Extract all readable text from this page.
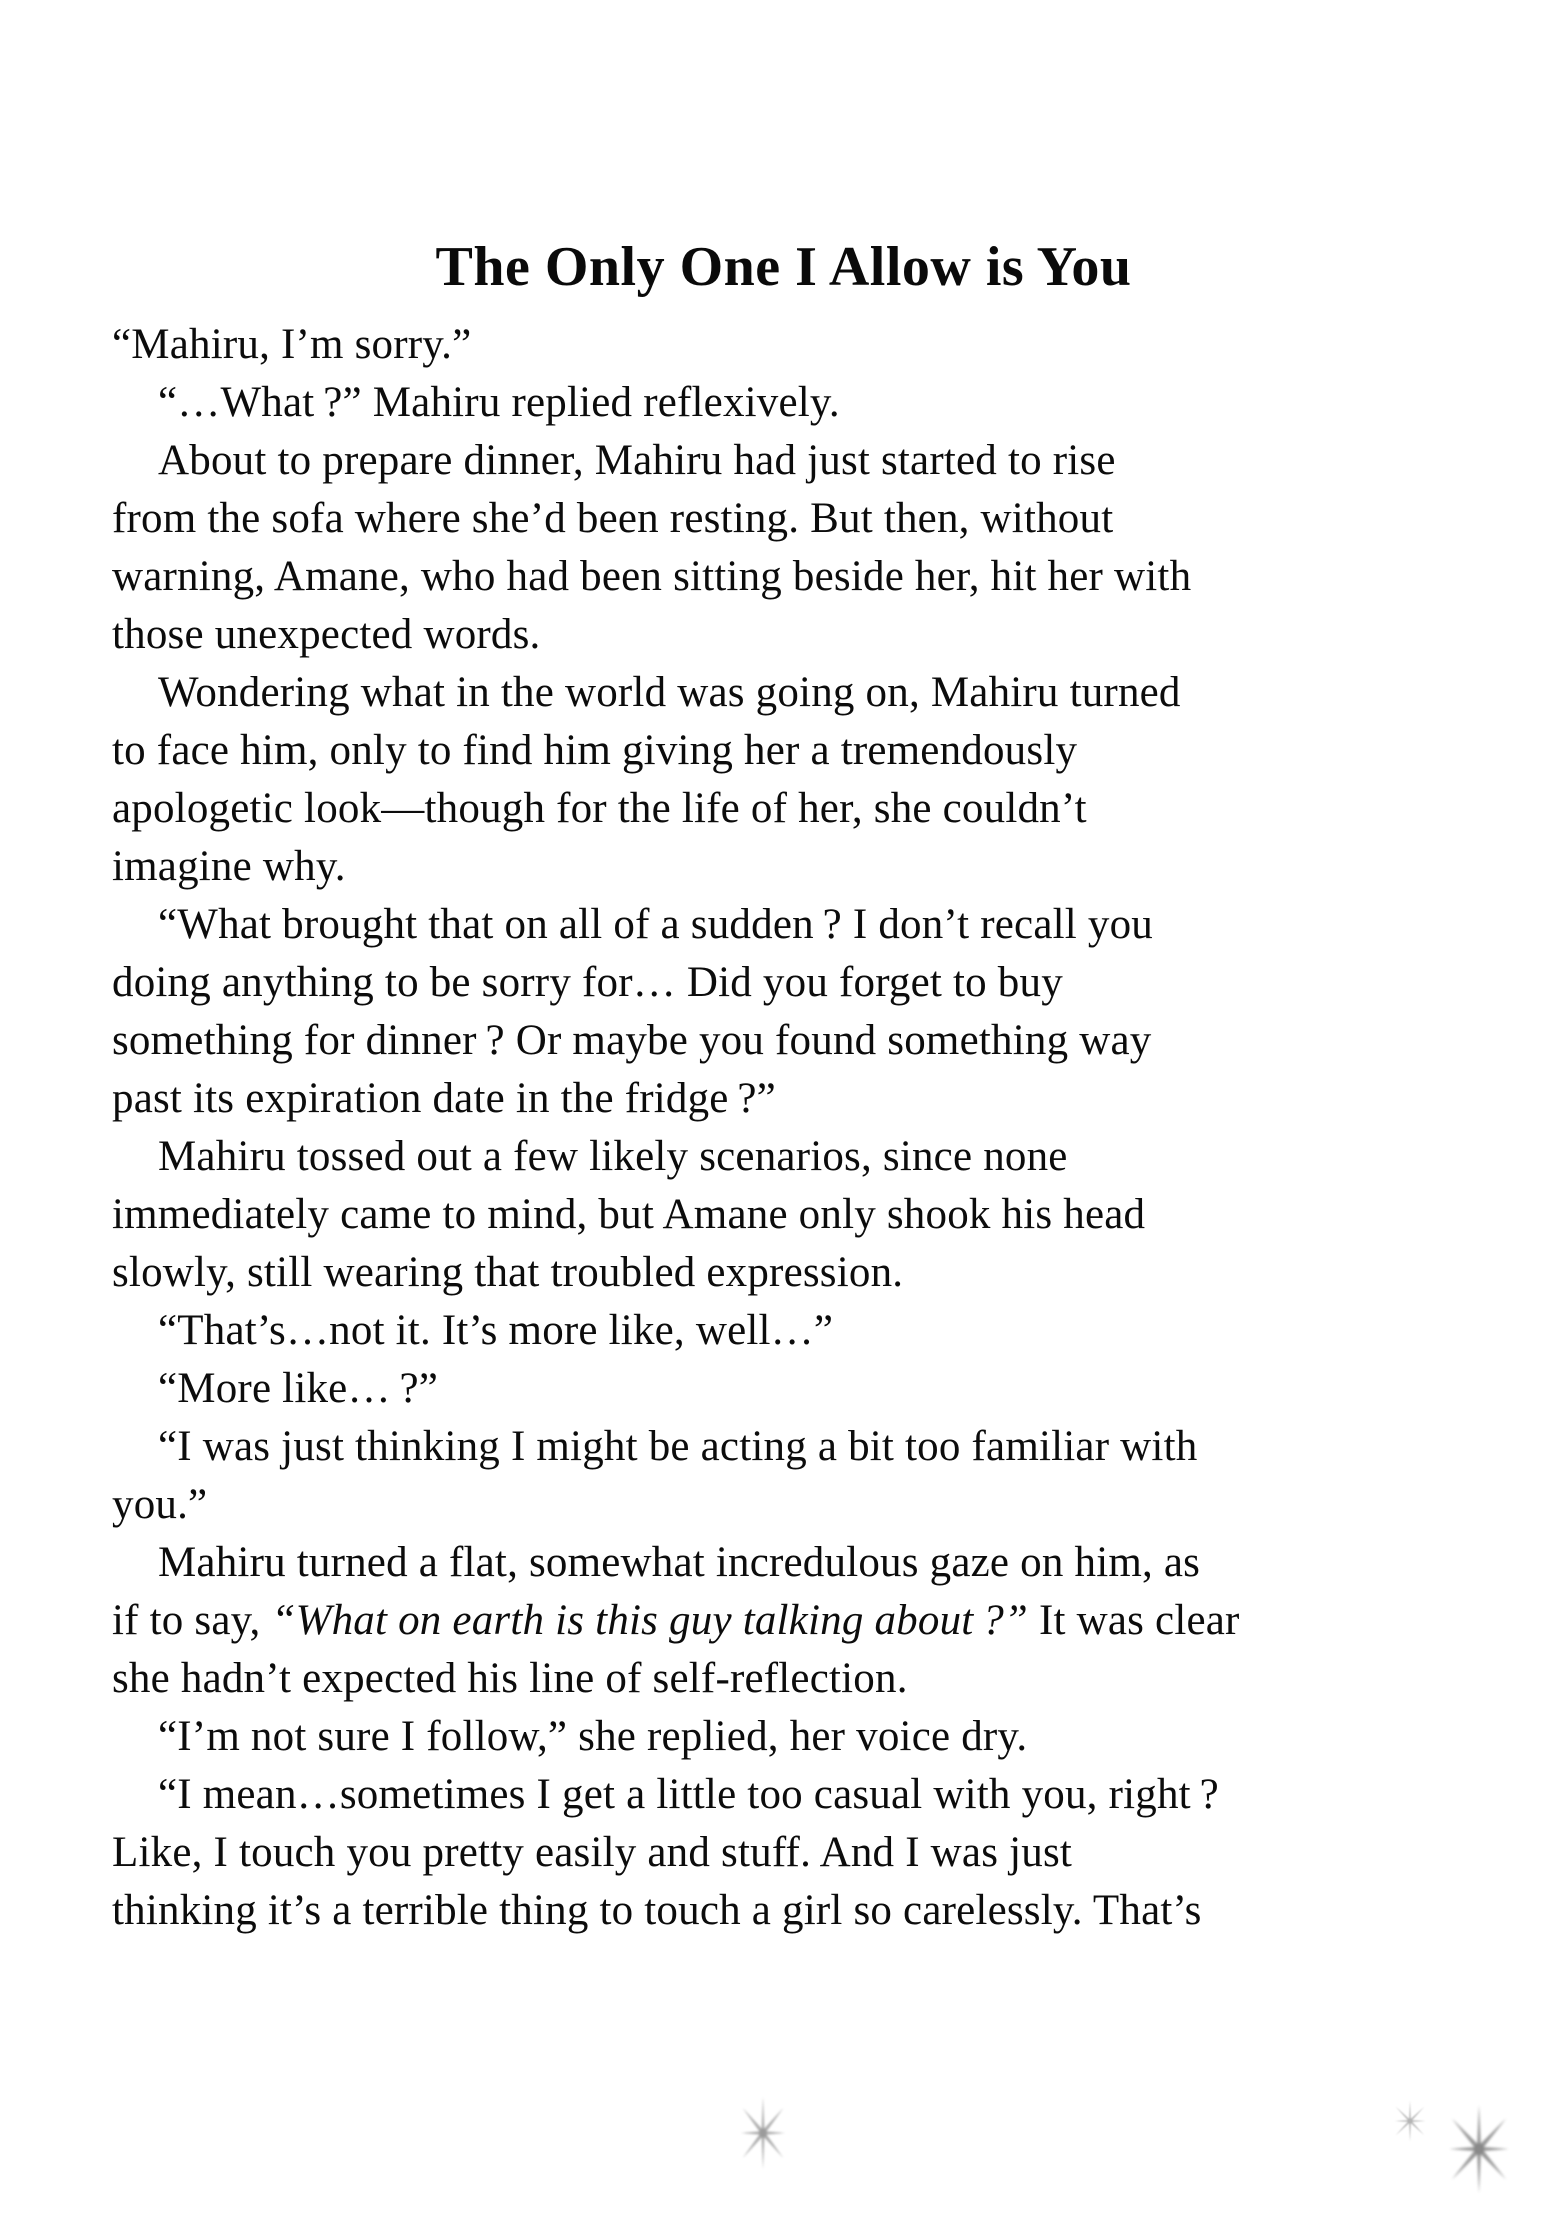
The Only One I Allow is You
“Mahiru, I’m sorry.”
“…What ?” Mahiru replied reflexively.
About to prepare dinner, Mahiru had just started to rise
from the sofa where she’d been resting. But then, without
warning, Amane, who had been sitting beside her, hit her with
those unexpected words.
Wondering what in the world was going on, Mahiru turned
to face him, only to find him giving her a tremendously
apologetic look—though for the life of her, she couldn’t
imagine why.
“What brought that on all of a sudden ? I don’t recall you
doing anything to be sorry for… Did you forget to buy
something for dinner ? Or maybe you found something way
past its expiration date in the fridge ?”
Mahiru tossed out a few likely scenarios, since none
immediately came to mind, but Amane only shook his head
slowly, still wearing that troubled expression.
“That’s…not it. It’s more like, well…”
“More like… ?”
“I was just thinking I might be acting a bit too familiar with
you.”
Mahiru turned a flat, somewhat incredulous gaze on him, as
if to say, “What on earth is this guy talking about ?” It was clear
she hadn’t expected his line of self-reflection.
“I’m not sure I follow,” she replied, her voice dry.
“I mean…sometimes I get a little too casual with you, right ?
Like, I touch you pretty easily and stuff. And I was just
thinking it’s a terrible thing to touch a girl so carelessly. That’s
